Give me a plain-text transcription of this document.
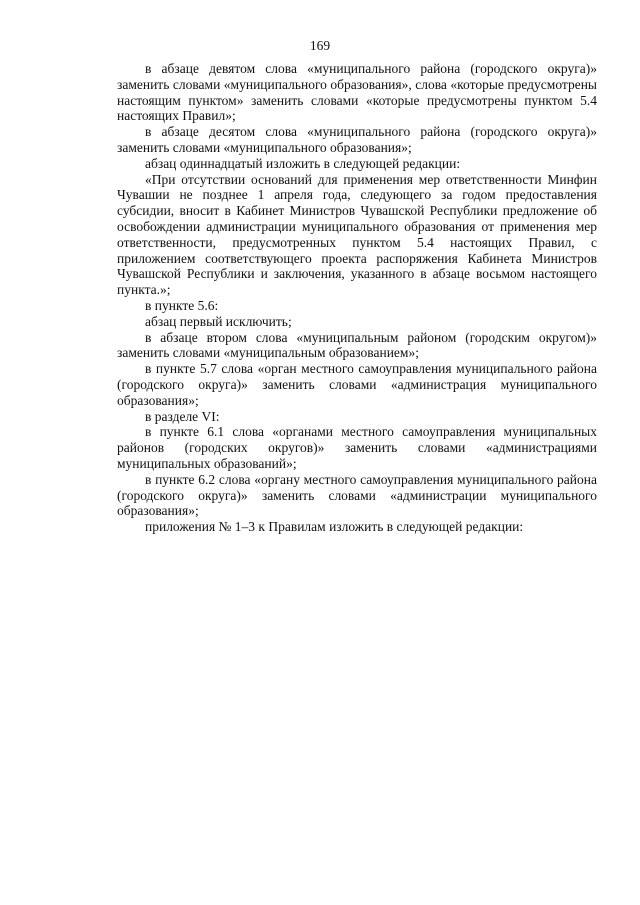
169

в абзаце девятом слова «муниципального района (городского округа)» заменить словами «муниципального образования», слова «которые предусмотрены настоящим пунктом» заменить словами «которые предусмотрены пунктом 5.4 настоящих Правил»;

в абзаце десятом слова «муниципального района (городского округа)» заменить словами «муниципального образования»;

абзац одиннадцатый изложить в следующей редакции:

«При отсутствии оснований для применения мер ответственности Минфин Чувашии не позднее 1 апреля года, следующего за годом предоставления субсидии, вносит в Кабинет Министров Чувашской Республики предложение об освобождении администрации муниципального образования от применения мер ответственности, предусмотренных пунктом 5.4 настоящих Правил, с приложением соответствующего проекта распоряжения Кабинета Министров Чувашской Республики и заключения, указанного в абзаце восьмом настоящего пункта.»;

в пункте 5.6:

абзац первый исключить;

в абзаце втором слова «муниципальным районом (городским округом)» заменить словами «муниципальным образованием»;

в пункте 5.7 слова «орган местного самоуправления муниципального района (городского округа)» заменить словами «администрация муниципального образования»;

в разделе VI:

в пункте 6.1 слова «органами местного самоуправления муниципальных районов (городских округов)» заменить словами «администрациями муниципальных образований»;

в пункте 6.2 слова «органу местного самоуправления муниципального района (городского округа)» заменить словами «администрации муниципального образования»;

приложения № 1–3 к Правилам изложить в следующей редакции:
